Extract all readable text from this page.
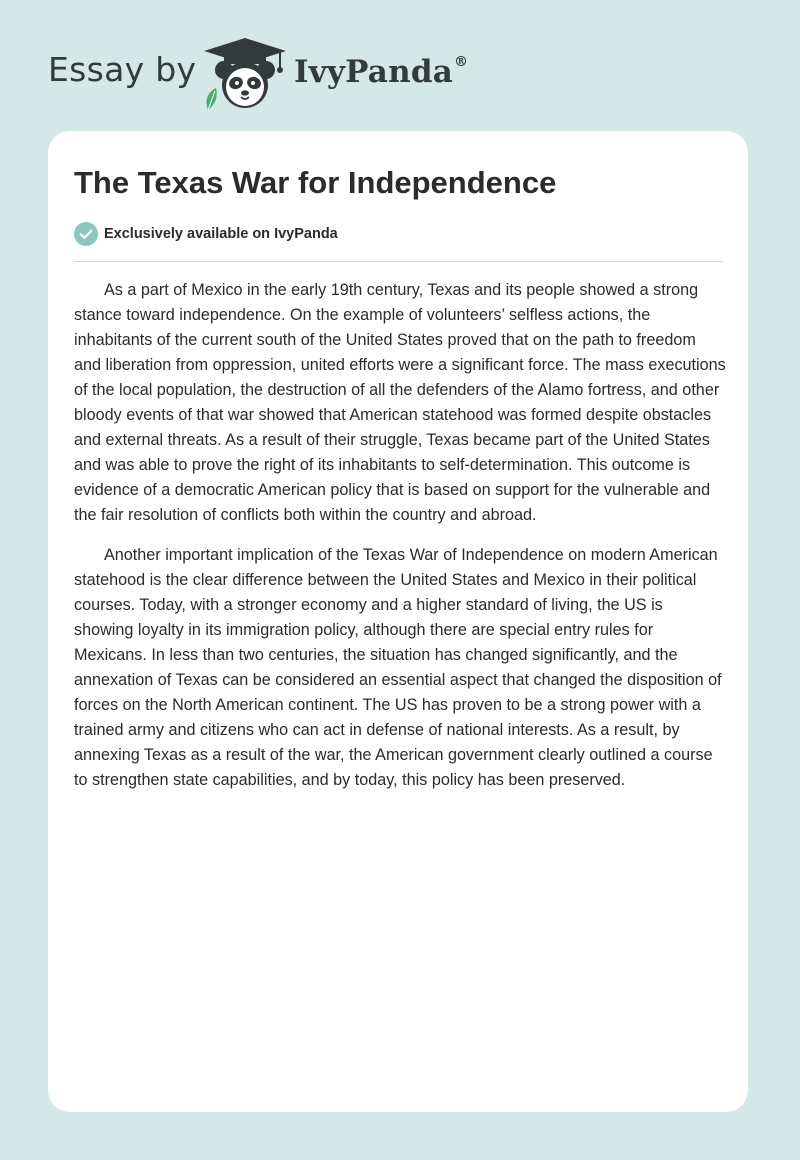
Essay by	IvyPanda®
The Texas War for Independence
Exclusively available on IvyPanda

As a part of Mexico in the early 19th century, Texas and its people showed a strong stance toward independence. On the example of volunteers’ selfless actions, the inhabitants of the current south of the United States proved that on the path to freedom and liberation from oppression, united efforts were a significant force. The mass executions of the local population, the destruction of all the defenders of the Alamo fortress, and other bloody events of that war showed that American statehood was formed despite obstacles and external threats. As a result of their struggle, Texas became part of the United States and was able to prove the right of its inhabitants to self-determination. This outcome is evidence of a democratic American policy that is based on support for the vulnerable and the fair resolution of conflicts both within the country and abroad.

Another important implication of the Texas War of Independence on modern American statehood is the clear difference between the United States and Mexico in their political courses. Today, with a stronger economy and a higher standard of living, the US is showing loyalty in its immigration policy, although there are special entry rules for Mexicans. In less than two centuries, the situation has changed significantly, and the annexation of Texas can be considered an essential aspect that changed the disposition of forces on the North American continent. The US has proven to be a strong power with a trained army and citizens who can act in defense of national interests. As a result, by annexing Texas as a result of the war, the American government clearly outlined a course to strengthen state capabilities, and by today, this policy has been preserved.
